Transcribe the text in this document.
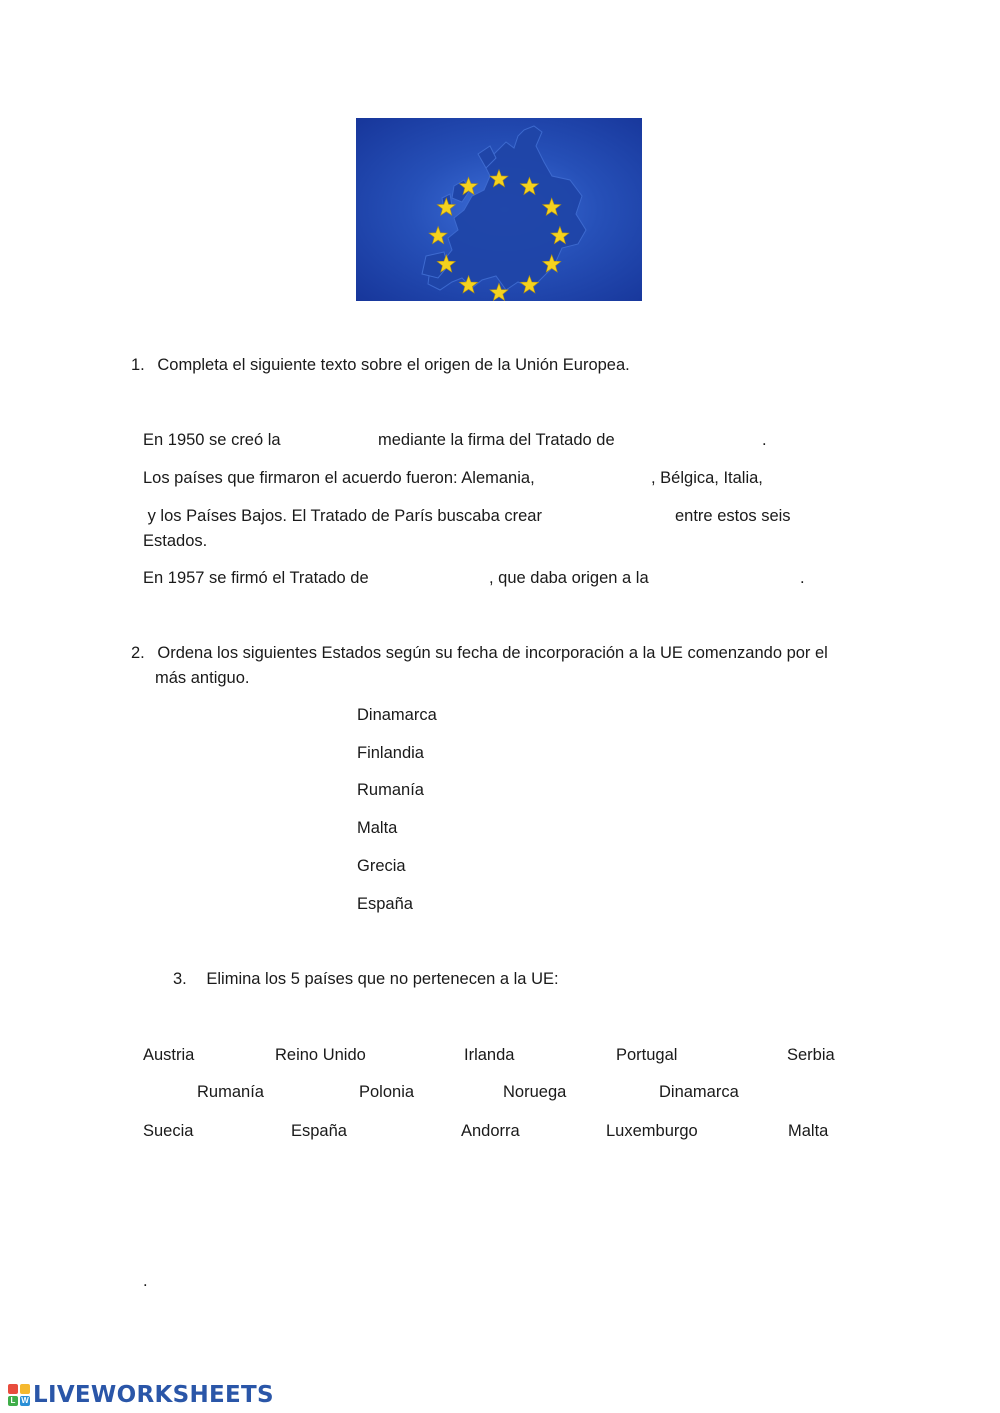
1. Completa el siguiente texto sobre el origen de la Unión Europea.
En 1950 se creó la	mediante la firma del Tratado de	.
Los países que firmaron el acuerdo fueron: Alemania,	, Bélgica, Italia,
y los Países Bajos. El Tratado de París buscaba crear	entre estos seis
Estados.
En 1957 se firmó el Tratado de	, que daba origen a la	.
2. Ordena los siguientes Estados según su fecha de incorporación a la UE comenzando por el
más antiguo.
Dinamarca
Finlandia
Rumanía
Malta
Grecia
España
3. Elimina los 5 países que no pertenecen a la UE:
Austria	Reino Unido	Irlanda	Portugal	Serbia
Rumanía	Polonia	Noruega	Dinamarca
Suecia	España	Andorra	Luxemburgo	Malta
.
L W LIVEWORKSHEETS
